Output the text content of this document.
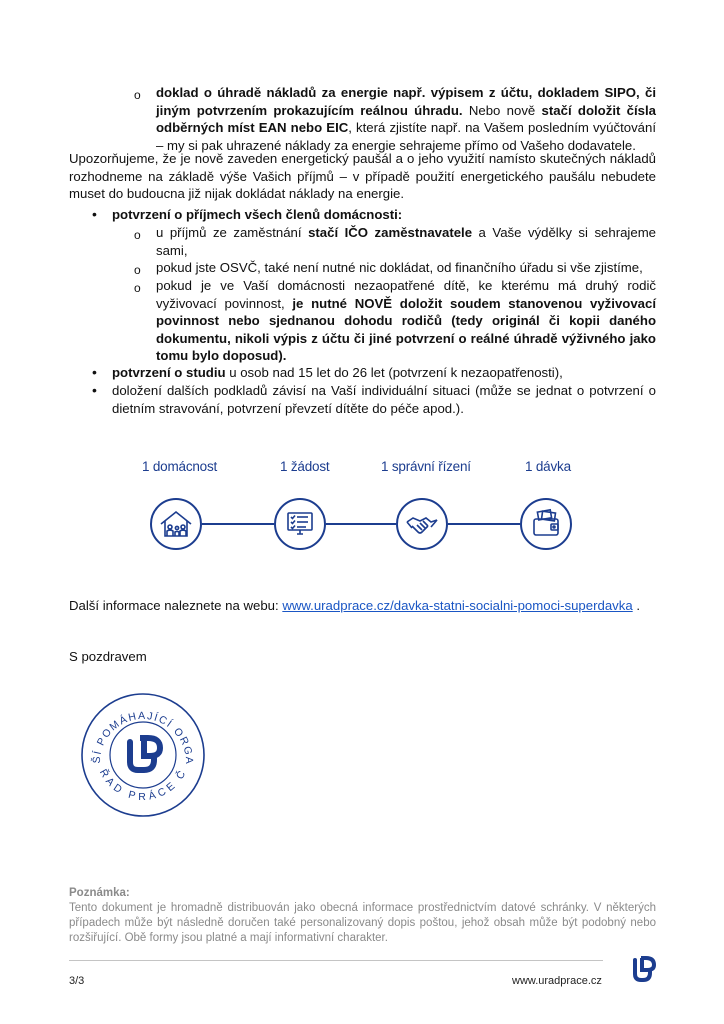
o doklad o úhradě nákladů za energie např. výpisem z účtu, dokladem SIPO, či jiným potvrzením prokazujícím reálnou úhradu. Nebo nově stačí doložit čísla odběrných míst EAN nebo EIC, která zjistíte např. na Vašem posledním vyúčtování – my si pak uhrazené náklady za energie sehrajeme přímo od Vašeho dodavatele.
Upozorňujeme, že je nově zaveden energetický paušál a o jeho využití namísto skutečných nákladů rozhodneme na základě výše Vašich příjmů – v případě použití energetického paušálu nebudete muset do budoucna již nijak dokládat náklady na energie.
• potvrzení o příjmech všech členů domácnosti:
o u příjmů ze zaměstnání stačí IČO zaměstnavatele a Vaše výdělky si sehrajeme sami,
o pokud jste OSVČ, také není nutné nic dokládat, od finančního úřadu si vše zjistíme,
o pokud je ve Vaší domácnosti nezaopatřené dítě, ke kterému má druhý rodič vyživovací povinnost, je nutné NOVĚ doložit soudem stanovenou vyživovací povinnost nebo sjednanou dohodu rodičů (tedy originál či kopii daného dokumentu, nikoli výpis z účtu či jiné potvrzení o reálné úhradě výživného jako tomu bylo doposud).
• potvrzení o studiu u osob nad 15 let do 26 let (potvrzení k nezaopatřenosti),
• doložení dalších podkladů závisí na Vaší individuální situaci (může se jednat o potvrzení o dietním stravování, potvrzení převzetí dítěte do péče apod.).
1 domácnost	1 žádost	1 správní řízení	1 dávka
Další informace naleznete na webu: www.uradprace.cz/davka-statni-socialni-pomoci-superdavka .
S pozdravem
ŠÍ POMÁHAJÍCÍ ORGA
ŘAD PRÁCE Č
Poznámka:
Tento dokument je hromadně distribuován jako obecná informace prostřednictvím datové schránky. V některých případech může být následně doručen také personalizovaný dopis poštou, jehož obsah může být podobný nebo rozšiřující. Obě formy jsou platné a mají informativní charakter.
3/3	www.uradprace.cz
